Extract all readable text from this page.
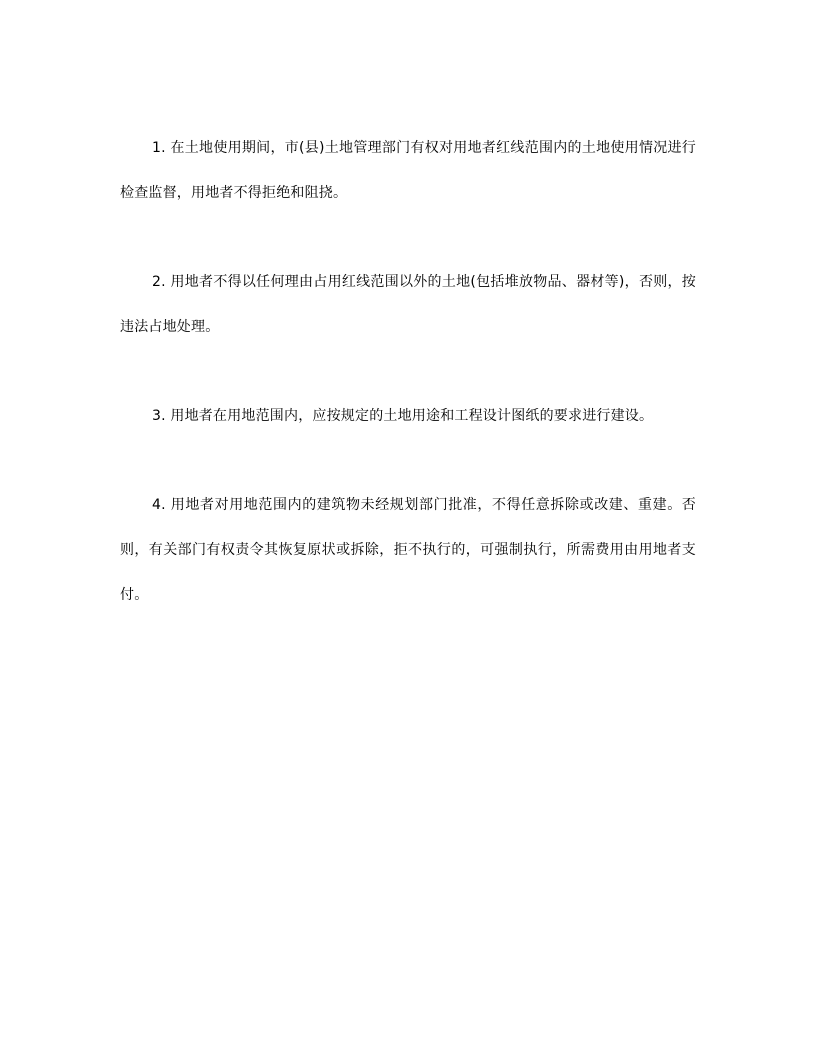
1. 在土地使用期间，市(县)土地管理部门有权对用地者红线范围内的土地使用情况进行检查监督，用地者不得拒绝和阻挠。

2. 用地者不得以任何理由占用红线范围以外的土地(包括堆放物品、器材等)，否则，按违法占地处理。

3. 用地者在用地范围内，应按规定的土地用途和工程设计图纸的要求进行建设。

4. 用地者对用地范围内的建筑物未经规划部门批准，不得任意拆除或改建、重建。否则，有关部门有权责令其恢复原状或拆除，拒不执行的，可强制执行，所需费用由用地者支付。
